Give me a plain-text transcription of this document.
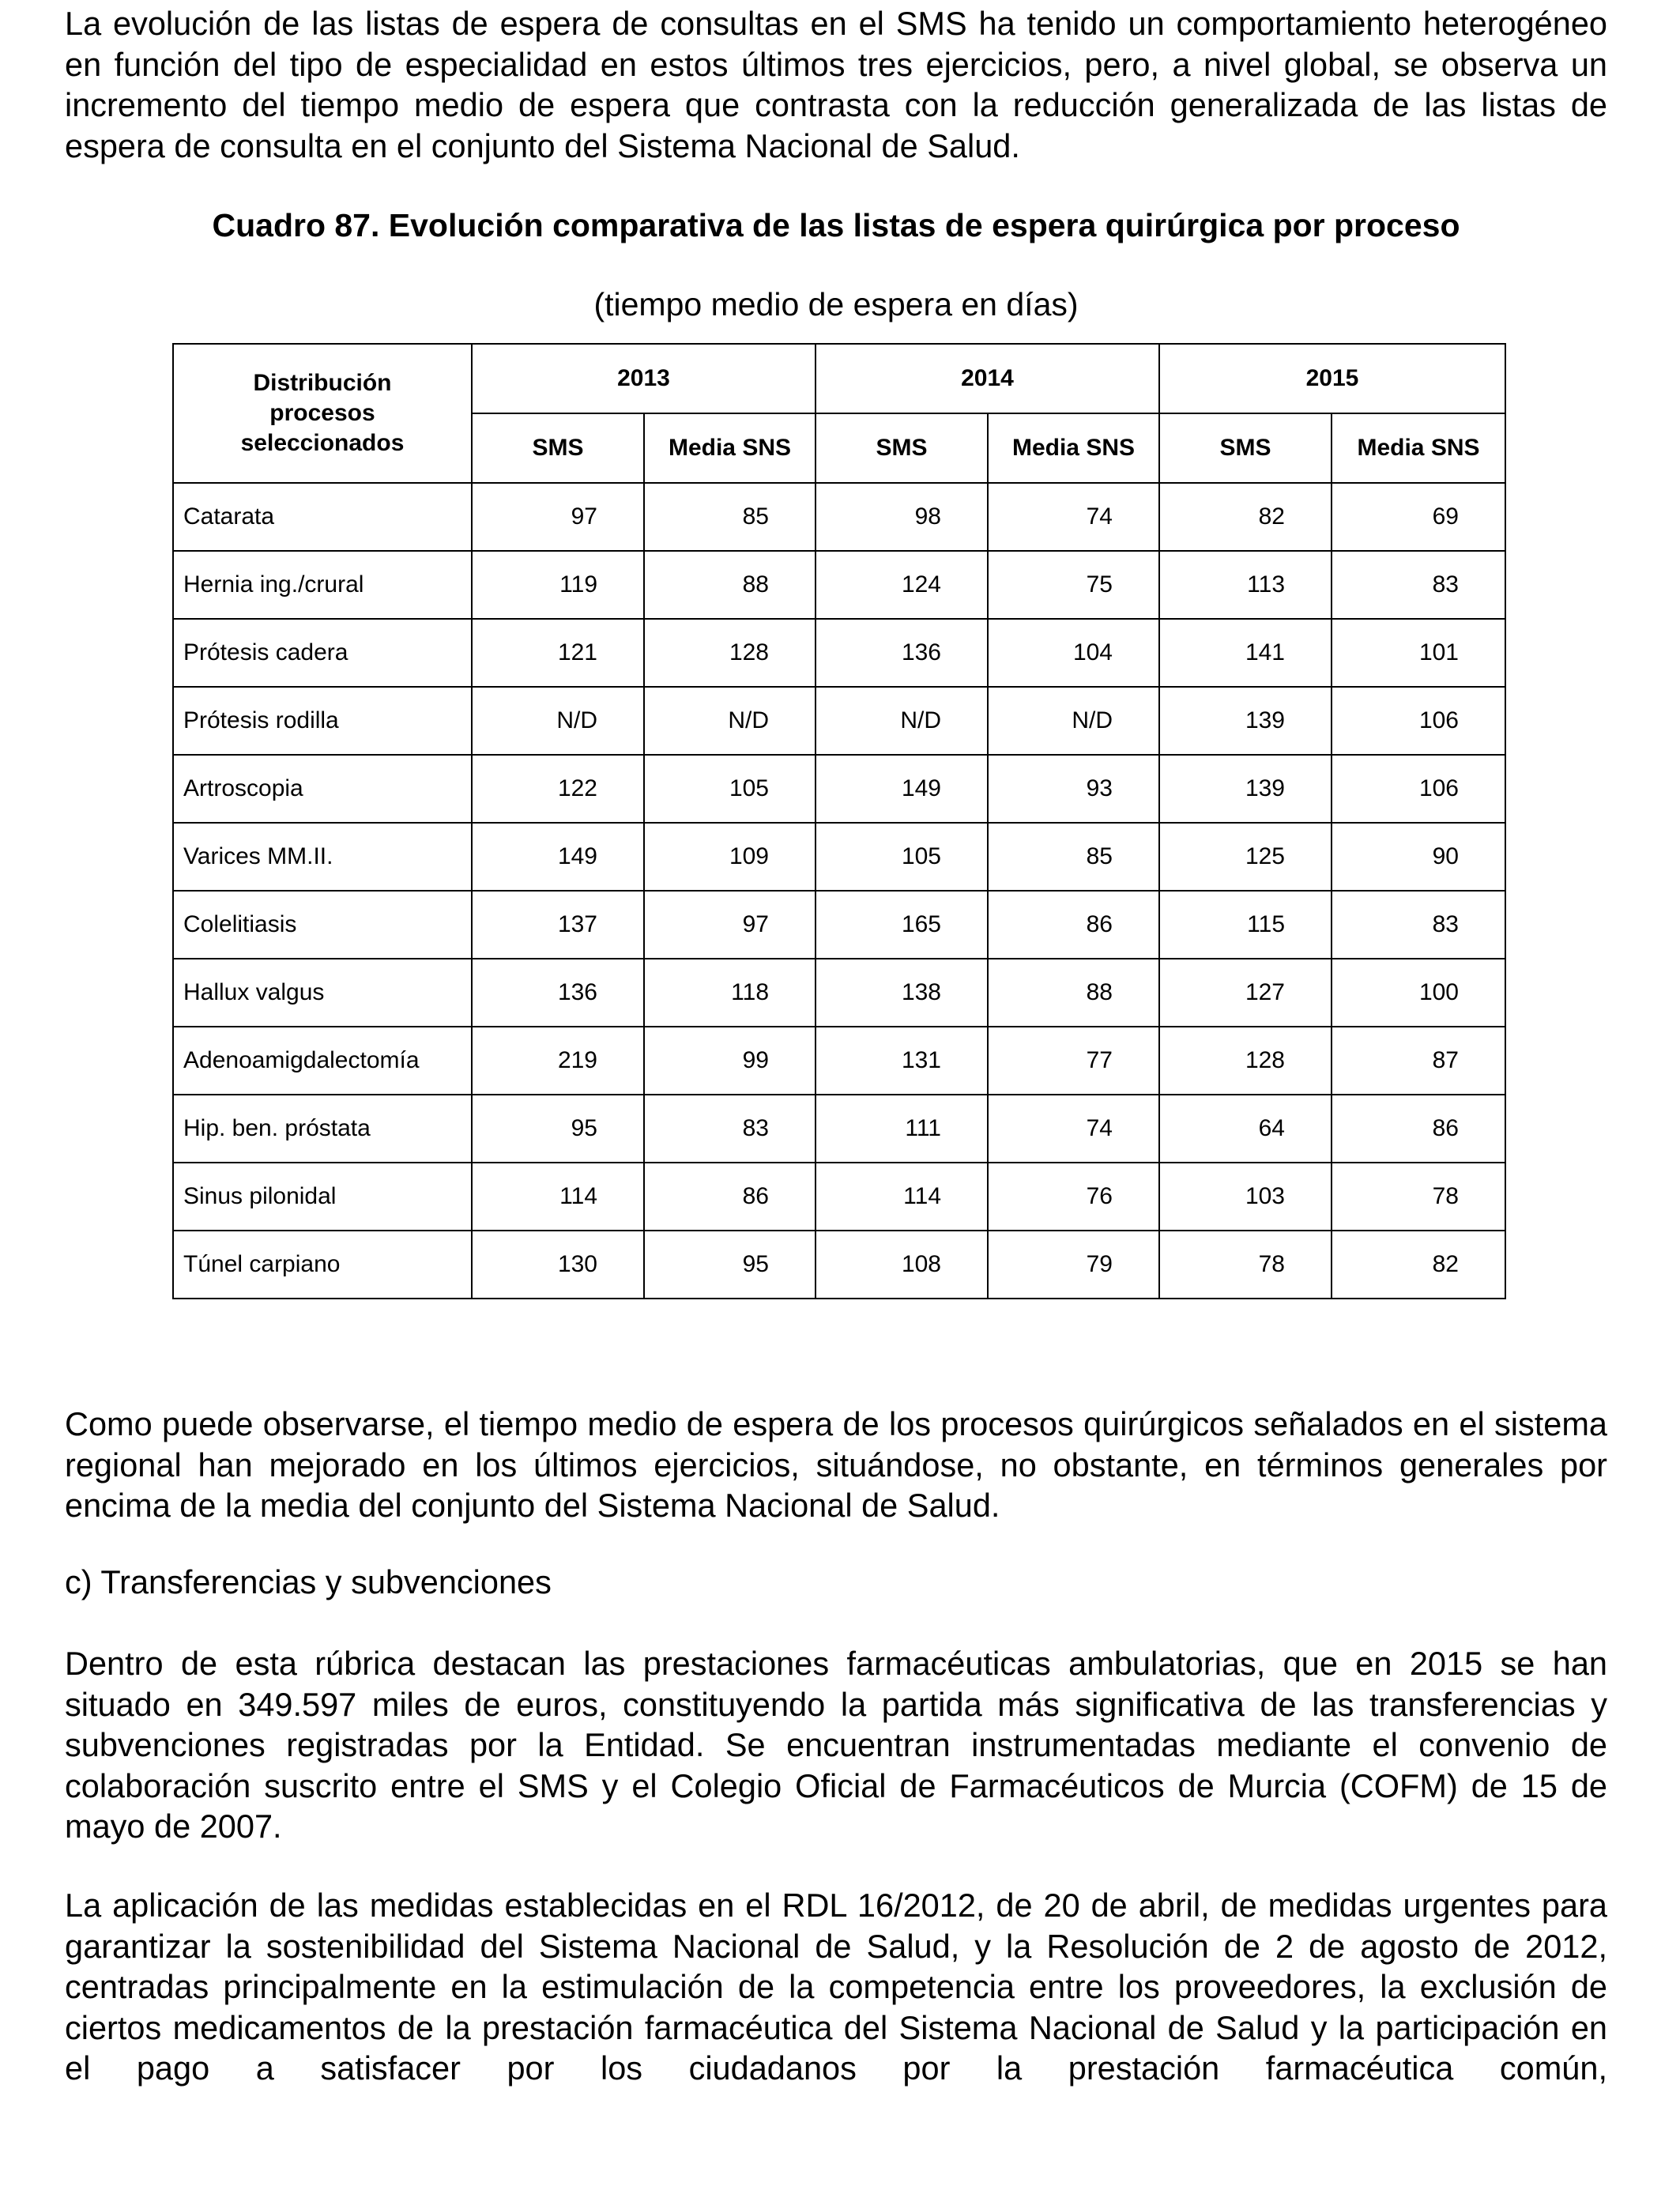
La evolución de las listas de espera de consultas en el SMS ha tenido un comportamiento heterogéneo en función del tipo de especialidad en estos últimos tres ejercicios, pero, a nivel global, se observa un incremento del tiempo medio de espera que contrasta con la reducción generalizada de las listas de espera de consulta en el conjunto del Sistema Nacional de Salud.

Cuadro 87. Evolución comparativa de las listas de espera quirúrgica por proceso

(tiempo medio de espera en días)

Distribución procesos seleccionados	2013		2014		2015	
	SMS	Media SNS	SMS	Media SNS	SMS	Media SNS
Catarata	97	85	98	74	82	69
Hernia ing./crural	119	88	124	75	113	83
Prótesis cadera	121	128	136	104	141	101
Prótesis rodilla	N/D	N/D	N/D	N/D	139	106
Artroscopia	122	105	149	93	139	106
Varices MM.II.	149	109	105	85	125	90
Colelitiasis	137	97	165	86	115	83
Hallux valgus	136	118	138	88	127	100
Adenoamigdalectomía	219	99	131	77	128	87
Hip. ben. próstata	95	83	111	74	64	86
Sinus pilonidal	114	86	114	76	103	78
Túnel carpiano	130	95	108	79	78	82

Como puede observarse, el tiempo medio de espera de los procesos quirúrgicos señalados en el sistema regional han mejorado en los últimos ejercicios, situándose, no obstante, en términos generales por encima de la media del conjunto del Sistema Nacional de Salud.

c) Transferencias y subvenciones

Dentro de esta rúbrica destacan las prestaciones farmacéuticas ambulatorias, que en 2015 se han situado en 349.597 miles de euros, constituyendo la partida más significativa de las transferencias y subvenciones registradas por la Entidad. Se encuentran instrumentadas mediante el convenio de colaboración suscrito entre el SMS y el Colegio Oficial de Farmacéuticos de Murcia (COFM) de 15 de mayo de 2007.

La aplicación de las medidas establecidas en el RDL 16/2012, de 20 de abril, de medidas urgentes para garantizar la sostenibilidad del Sistema Nacional de Salud, y la Resolución de 2 de agosto de 2012, centradas principalmente en la estimulación de la competencia entre los proveedores, la exclusión de ciertos medicamentos de la prestación farmacéutica del Sistema Nacional de Salud y la participación en el pago a satisfacer por los ciudadanos por la prestación farmacéutica común,
